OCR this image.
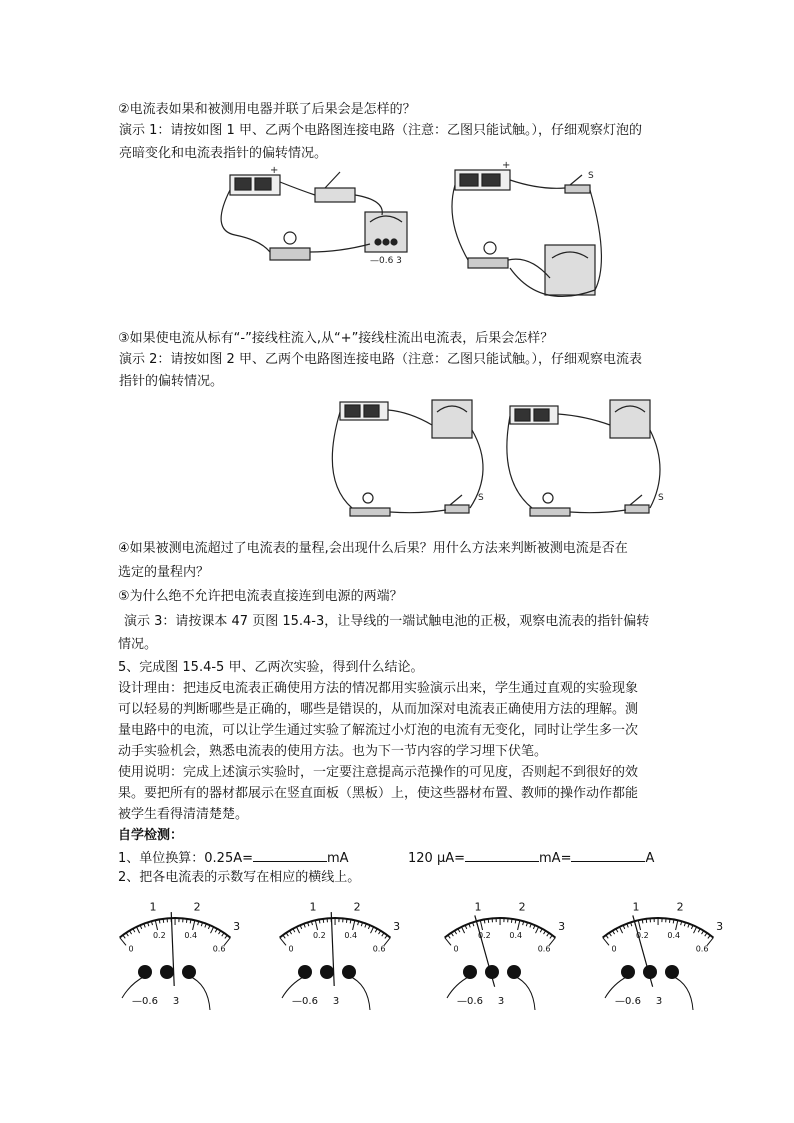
②电流表如果和被测用电器并联了后果会是怎样的？
演示 1：请按如图 1 甲、乙两个电路图连接电路（注意：乙图只能试触。），仔细观察灯泡的
亮暗变化和电流表指针的偏转情况。
+	+
—0.6 3
S
③如果使电流从标有“-”接线柱流入,从“+”接线柱流出电流表，后果会怎样？
演示 2：请按如图 2 甲、乙两个电路图连接电路（注意：乙图只能试触。），仔细观察电流表
指针的偏转情况。
S	S
④如果被测电流超过了电流表的量程,会出现什么后果？用什么方法来判断被测电流是否在
选定的量程内？
⑤为什么绝不允许把电流表直接连到电源的两端？
演示 3：请按课本 47 页图 15.4-3，让导线的一端试触电池的正极，观察电流表的指针偏转
情况。
5、完成图 15.4-5 甲、乙两次实验，得到什么结论。
设计理由：把违反电流表正确使用方法的情况都用实验演示出来，学生通过直观的实验现象
可以轻易的判断哪些是正确的，哪些是错误的，从而加深对电流表正确使用方法的理解。测
量电路中的电流，可以让学生通过实验了解流过小灯泡的电流有无变化，同时让学生多一次
动手实验机会，熟悉电流表的使用方法。也为下一节内容的学习埋下伏笔。
使用说明：完成上述演示实验时，一定要注意提高示范操作的可见度，否则起不到很好的效
果。要把所有的器材都展示在竖直面板（黑板）上，使这些器材布置、教师的操作动作都能
被学生看得清清楚楚。
自学检测：
1、单位换算：0.25A=	mA	120 μA=	mA=	A
2、把各电流表的示数写在相应的横线上。
1	2
3
0
0.2 0.4
0.6
—0.6 3
1	2
3
0
0.2 0.4
0.6
—0.6 3
1	2
3
0
0.2 0.4
0.6
—0.6 3
1	2
3
0
0.2 0.4
0.6
—0.6 3
